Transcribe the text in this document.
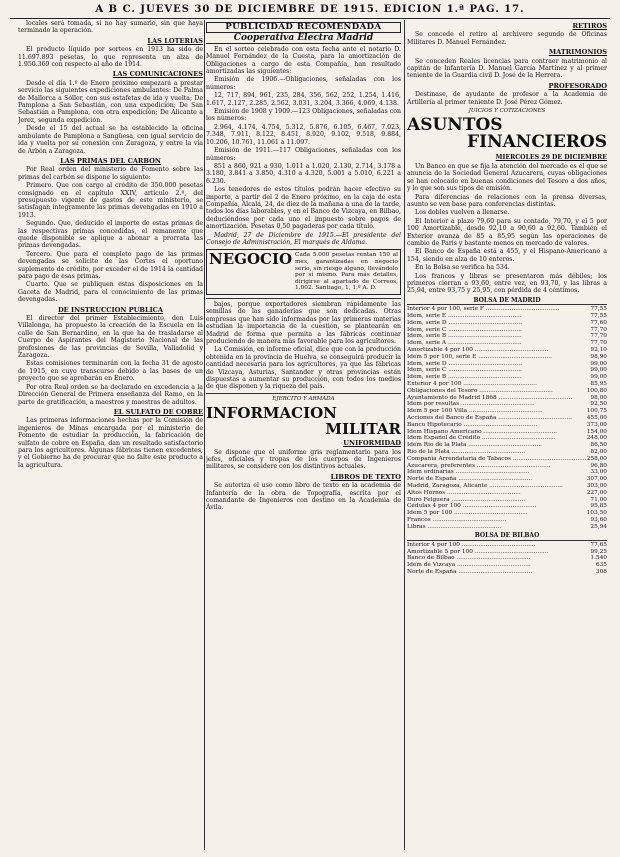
A B C. JUEVES 30 DE DICIEMBRE DE 1915. EDICION 1.ª PAG. 17.

locales será tomada, si no hay sumario, sin que haya terminado la operación.

LAS LOTERIAS

El producto líquido por sorteos en 1913 ha sido de 11.697.893 pesetas, lo que representa un alza de 1.950.369 con respecto al año de 1914.

LAS COMUNICACIONES

Desde el día 1.º de Enero próximo empezará a prestar servicio las siguientes expediciones ambulantes: De Palma de Mallorca a Sóller, con sus estafetas de ida y vuelta; De Pamplona a San Sebastián, con una expedición; De San Sebastián a Pamplona, con otra expedición; De Alicante a Jerez, segunda expedición.

Desde el 15 del actual se ha establecido la oficina ambulante de Pamplona a Sangüesa, con igual servicio de ida y vuelta por su conexión con Zaragoza, y entre la vía de Arbón a Zaragoza.

LAS PRIMAS DEL CARBON

Por Real orden del ministerio de Fomento sobre las primas del carbón se dispone lo siguiente:

Primero. Que con cargo al crédito de 350.000 pesetas consignado en el capítulo XXIV, artículo 2.º, del presupuesto vigente de gastos de este ministerio, se satisfagan íntegramente las primas devengadas en 1910 a 1913.

Segundo. Que, deducido el importe de estas primas de las respectivas primas concedidas, el remanente que quede disponible se aplique a abonar a prorrata las primas devengadas.

Tercero. Que para el completo pago de las primas devengadas se solicite de las Cortes el oportuno suplemento de crédito, por exceder el de 1914 la cantidad para pago de esas primas.

Cuarto. Que se publiquen estas disposiciones en la Gaceta de Madrid, para el conocimiento de las primas devengadas.

DE INSTRUCCION PUBLICA

El director del primer Establecimiento, don Luis Villalonga, ha propuesto la creación de la Escuela en la calle de San Bernardino, en la que ha de trasladarse al Cuerpo de Aspirantes del Magisterio Nacional de las profesiones de las provincias de Sevilla, Valladolid y Zaragoza.

Estas comisiones terminarán con la fecha 31 de agosto de 1915, en cuyo transcurso debido a las bases de un proyecto que se aprobarán en Enero.

Por otra Real orden se ha declarado en excedencia a la Dirección General de Primera enseñanza del Ramo, en la parte de gratificación, a maestros y maestras de adultos.

EL SULFATO DE COBRE

Las primeras informaciones hechas por la Comisión de ingenieros de Minas encargada por el ministerio de Fomento de estudiar la producción, la fabricación de sulfato de cobre en España, dan un resultado satisfactorio para los agricultores. Algunas fábricas tienen excedentes, y el Gobierno ha de procurar que no falte este producto a la agricultura.

PUBLICIDAD RECOMENDADA
Cooperativa Electra Madrid

En el sorteo celebrado con esta fecha ante el notario D. Manuel Fernández de la Cuesta, para la amortización de Obligaciones a cargo de esta Compañía, han resultado amortizadas las siguientes:

Emisión de 1906.—Obligaciones, señaladas con los números:

12, 717, 894, 961, 235, 284, 356, 562, 252, 1.254, 1.416, 1.617, 2.127, 2.285, 2.562, 3.031, 3.204, 3.366, 4.069, 4.138.

Emisión de 1908 y 1909.—123 Obligaciones, señaladas con los números:

2.964, 4.174, 4.754, 5.312, 5.876, 6.105, 6.467, 7.023, 7.348, 7.911, 8.122, 8.451, 8.920, 9.102, 9.518, 9.884, 10.206, 10.761, 11.061 a 11.097.

Emisión de 1911.—117 Obligaciones, señaladas con los números:

851 a 860, 921 a 930, 1.011 a 1.020, 2.130, 2.714, 3.178 a 3.180, 3.841 a 3.850, 4.310 a 4.320, 5.001 a 5.010, 6.221 a 6.230.

Los tenedores de estos títulos podrán hacer efectivo su importe, a partir del 2 de Enero próximo, en la caja de esta Compañía, Alcalá, 24, de diez de la mañana a una de la tarde, todos los días laborables, y en el Banco de Vizcaya, en Bilbao, deduciéndose por cada uno el impuesto sobre pagos de amortización. Pesetas 0,50 pagaderas por cada título.

Madrid, 27 de Diciembre de 1915.—El presidente del Consejo de Administración, El marqués de Aldama.

NEGOCIO Cada 5.000 pesetas rentan 150 al mes, garantizadas en negocio serio, sin riesgo alguno, llevándolo por sí mismo. Para más detalles, dirigirse al apartado de Correos, 1.002. Santiago, 1, 1.º A. D.

bajos, porque exportadores siembran rápidamente las semillas de las ganaderías que son dedicadas. Otras empresas que han sido informadas por las primeras materias estudian la importancia de la cuestión, se plantearán en Madrid de forma que permita a las fábricas continuar produciendo de manera más favorable para los agricultores.

La Comisión, en informe oficial, dice que con la producción obtenida en la provincia de Huelva, se conseguirá producir la cantidad necesaria para los agricultores, ya que las fábricas de Vizcaya, Asturias, Santander y otras provincias están dispuestas a aumentar su producción, con todos los medios de que disponen y la riqueza del país.

EJERCITO Y ARMADA
INFORMACION
MILITAR
UNIFORMIDAD

Se dispone que el uniforme gris reglamentario para los jefes, oficiales y tropas de los cuerpos de Ingenieros militares, se considere con los distintivos actuales.

LIBROS DE TEXTO

Se autoriza el uso como libro de texto en la academia de Infantería de la obra de Topografía, escrita por el comandante de Ingenieros con destino en la Academia de Ávila.

RETIROS

Se concede el retiro al archivero segundo de Oficinas Militares D. Manuel Fernández.

MATRIMONIOS

Se conceden Reales licencias para contraer matrimonio al capitán de Infantería D. Manuel García Martínez y al primer teniente de la Guardia civil D. José de la Herrera.

PROFESORADO

Destinase, de ayudante de profesor a la Academia de Artillería al primer teniente D. José Pérez Gómez.

JUICIOS Y COTIZACIONES
ASUNTOS
FINANCIEROS
MIERCOLES 29 DE DICIEMBRE

Un Banco en que se fija la atención del mercado es el que se anuncia de la Sociedad General Azucarera, cuyas obligaciones se han colocado en buenas condiciones del Tesoro a dos años, y lo que son sus tipos de emisión.

Para diferencias de relaciones con la prensa diversas, asunto se ven base para conferencias distintas.

Los dobles vuelven a llenarse.

El Interior a plazo 79,60 para su contado, 79,70, y el 5 por 100 Amortizable, desde 92,10 a 90,60 a 92,60. También el Exterior avanza de 85 a 85,95 según las operaciones de cambio de Paris y bastante menos en mercado de valores.

El Banco de España está a 455, y el Hispano-Americano a 154, siendo en alza de 10 enteros.

En la Bolsa se verifica ha 534.

Los francos y libras se presentaron más débiles; los primeros cierran a 93,60, entre vez, en 93,70, y las libras a 25,94, entre 93,75 y 25,95, con pérdida de 4 céntimos.

BOLSA DE MADRID
Interior 4 por 100, serie F ........................................	77,55
Idem, serie E ........................................	77,55
Idem, serie D ........................................	77,60
Idem, serie C ........................................	77,70
Idem, serie B ........................................	77,70
Idem, serie A ........................................	77,70
Amortizable 4 por 100 ........................................	92,10
Idem 5 por 100, serie E ........................................	98,90
Idem, serie D ........................................	99,00
Idem, serie C ........................................	99,00
Idem, serie B ........................................	99,00
Exterior 4 por 100 ........................................	85,95
Obligaciones del Tesoro ........................................	100,80
Ayuntamiento de Madrid 1868 ........................................	98,00
Idem por resultas ........................................	92,50
Idem 5 por 100 Villa ........................................	100,75
Acciones del Banco de España ........................................	455,00
Banco Hipotecario ........................................	373,00
Idem Hispano Americano ........................................	154,00
Idem Español de Crédito ........................................	248,00
Idem Río de la Plata ........................................	86,50
Río de la Plata ........................................	82,00
Compañía Arrendataria de Tabacos ........................................	258,00
Azucarera, preferentes ........................................	96,80
Idem ordinarias ........................................	33,00
Norte de España ........................................	307,00
Madrid, Zaragoza, Alicante ........................................	303,00
Altos Hornos ........................................	227,00
Duro Felguera ........................................	71,00
Cédulas 4 por 100 ........................................	95,85
Idem 5 por 100 ........................................	103,50
Francos ........................................	93,60
Libras ........................................	25,94
BOLSA DE BILBAO
Interior 4 por 100 ........................................	77,65
Amortizable 5 por 100 ........................................	99,25
Banco de Bilbao ........................................	1.540
Idem de Vizcaya ........................................	635
Norte de España ........................................	308
